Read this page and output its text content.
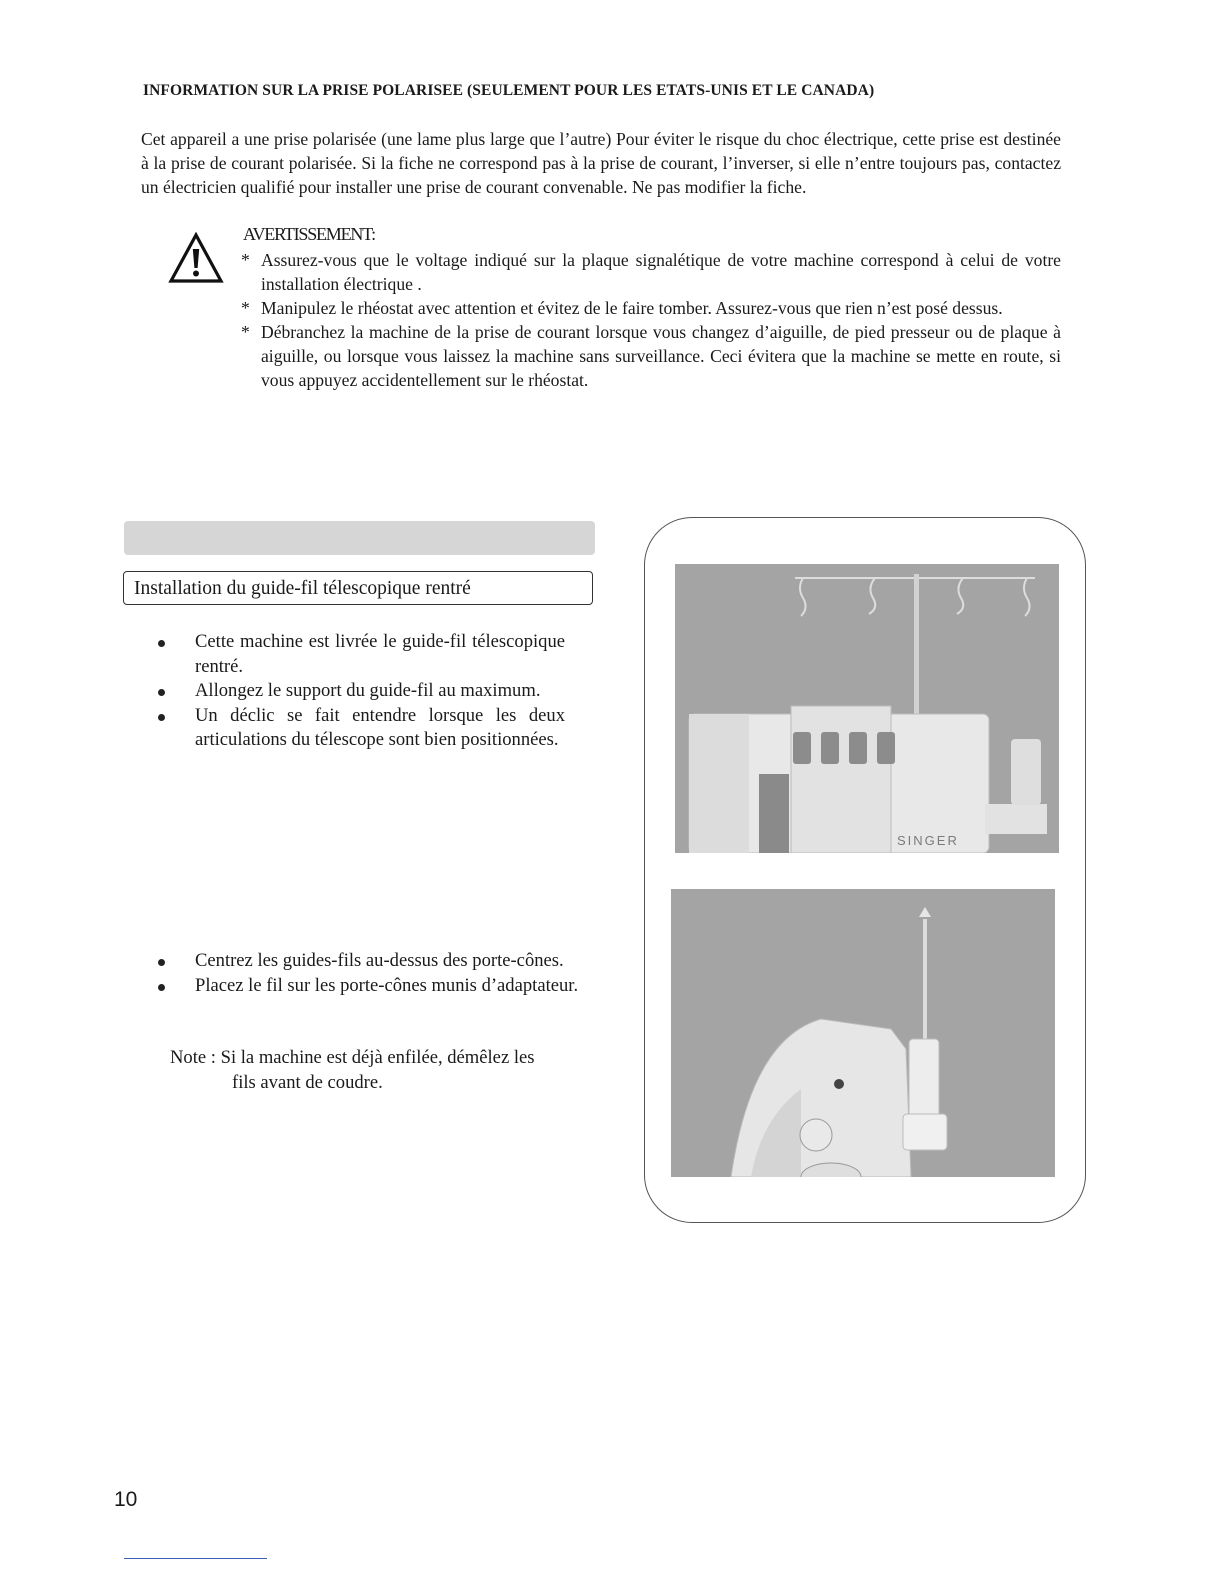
INFORMATION SUR LA PRISE POLARISEE (SEULEMENT POUR LES ETATS-UNIS ET LE CANADA)
Cet appareil a une prise polarisée (une lame plus large que l’autre) Pour éviter le risque du choc électrique, cette prise est destinée à la prise de courant polarisée. Si la fiche ne correspond pas à la prise de courant, l’inverser, si elle n’entre toujours pas, contactez un électricien qualifié pour installer une prise de courant convenable. Ne pas modifier la fiche.
AVERTISSEMENT:
* Assurez-vous que le voltage indiqué sur la plaque signalétique de votre machine correspond à celui de votre installation électrique .
* Manipulez le rhéostat avec attention et évitez de le faire tomber. Assurez-vous que rien n’est posé dessus.
* Débranchez la machine de la prise de courant lorsque vous changez d’aiguille, de pied presseur ou de plaque à aiguille, ou lorsque vous laissez la machine sans surveillance. Ceci évitera que la machine se mette en route, si vous appuyez accidentellement sur le rhéostat.
Installation du guide-fil télescopique rentré
Cette machine est livrée le guide-fil télescopique rentré.
Allongez le support du guide-fil au maximum.
Un déclic se fait entendre lorsque les deux articulations du télescope sont bien positionnées.
Centrez les guides-fils au-dessus des porte-cônes.
Placez le fil sur les porte-cônes munis d’adaptateur.
Note : Si la machine est déjà enfilée, démêlez les
fils avant de coudre.
SINGER
10
